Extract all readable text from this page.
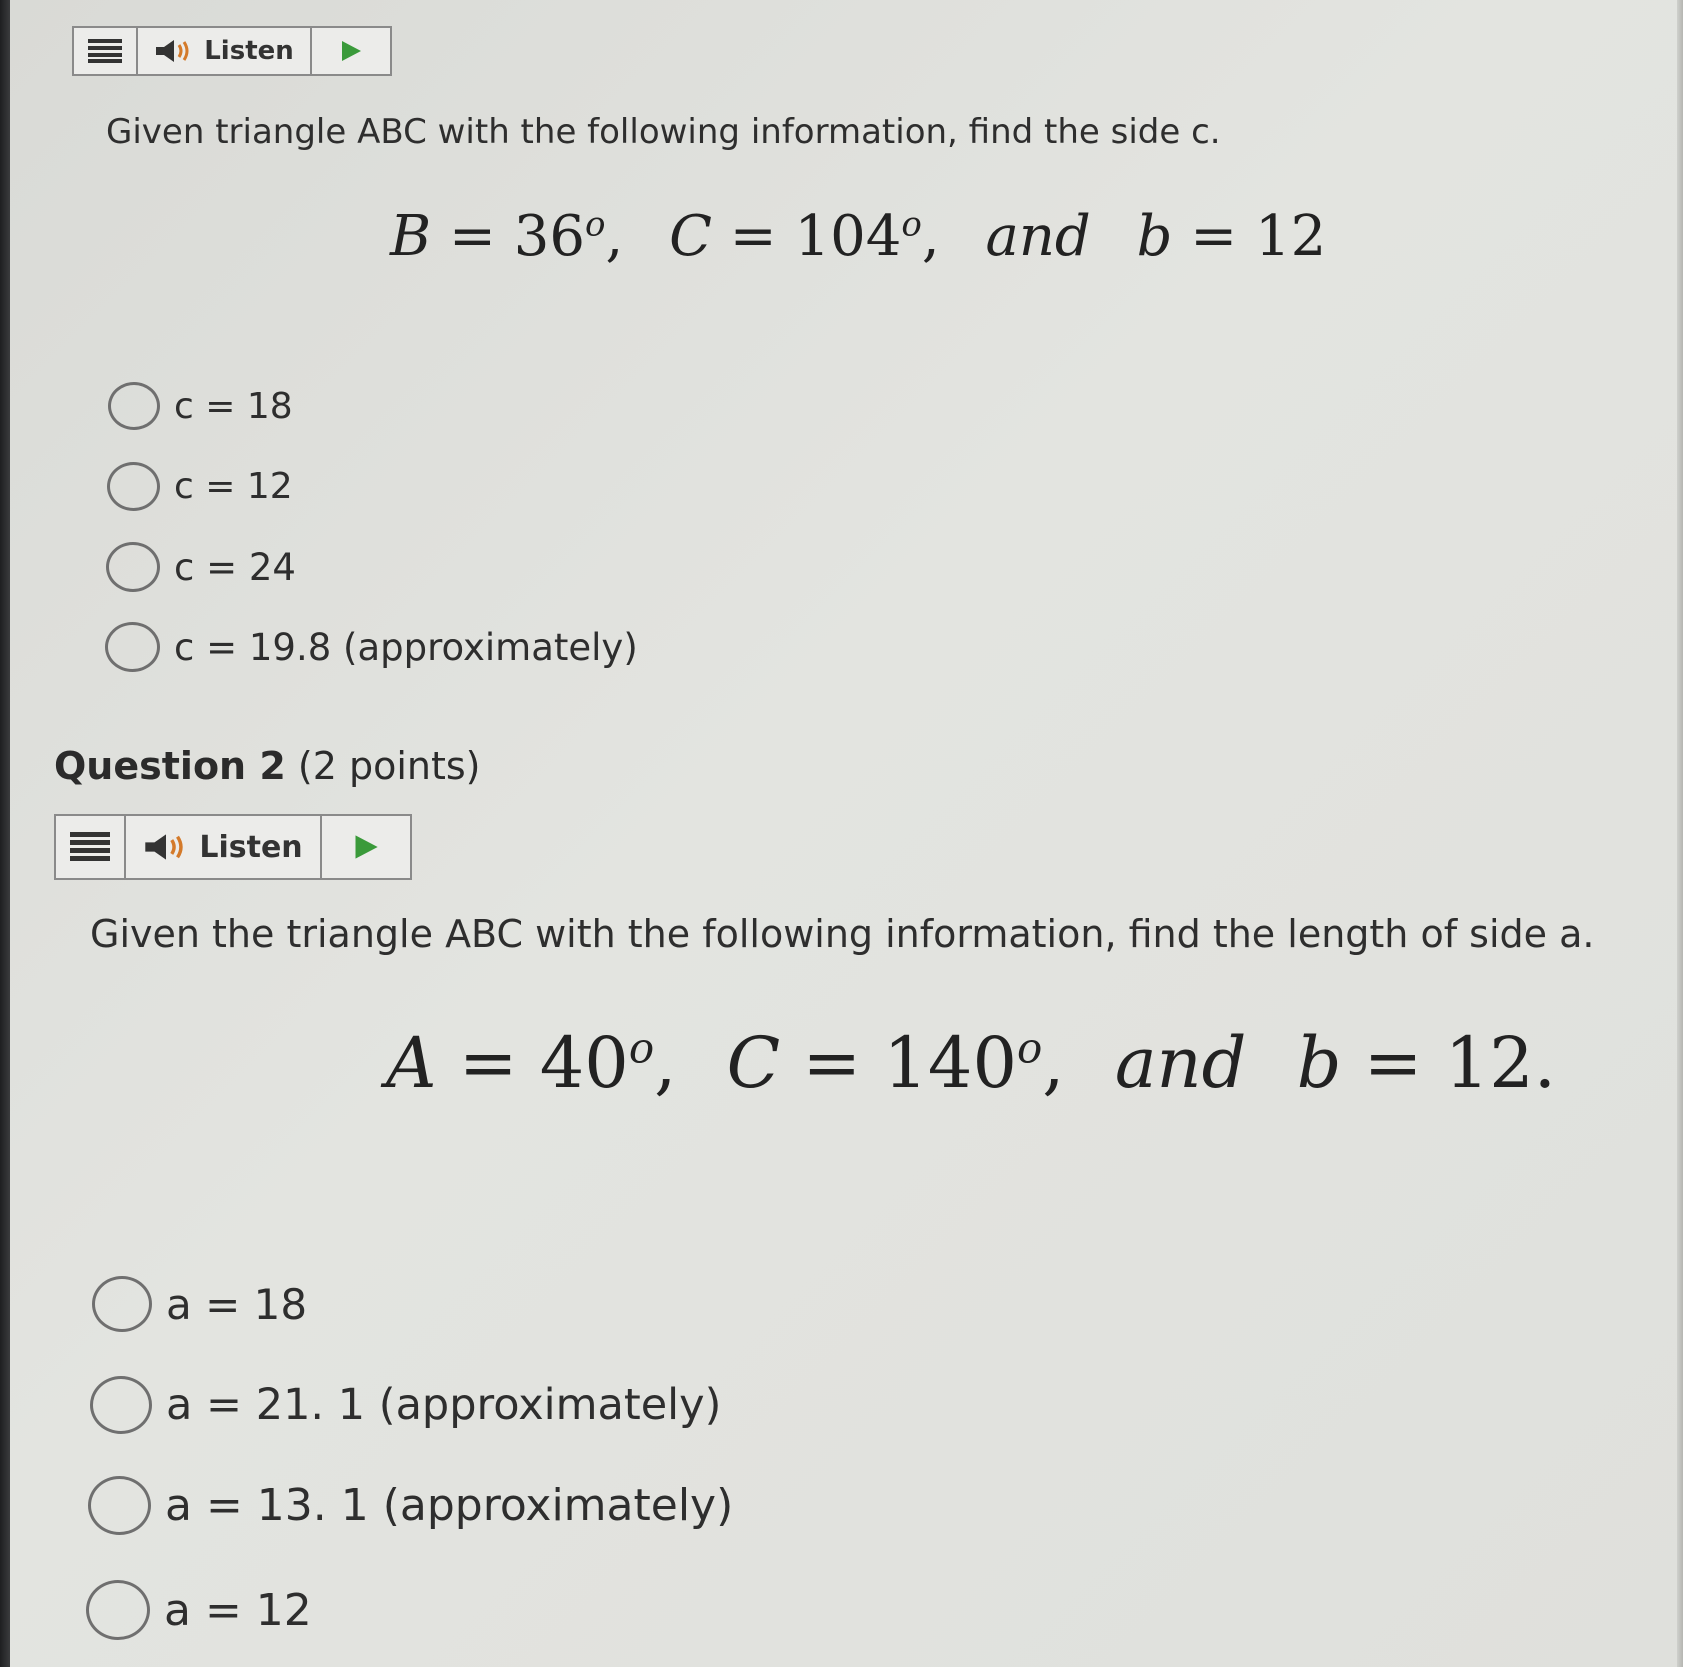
Listen
Given triangle ABC with the following information, find the side c.
$B = 36^o$, $C = 104^o$, and b = 12
c = 18
c = 12
c = 24
c = 19.8 (approximately)
Question 2 (2 points)
Listen
Given the triangle ABC with the following information, find the length of side a.
$A = 40^o$, $C = 140^o$, and b = 12.
a = 18
a = 21. 1 (approximately)
a = 13. 1 (approximately)
a = 12
